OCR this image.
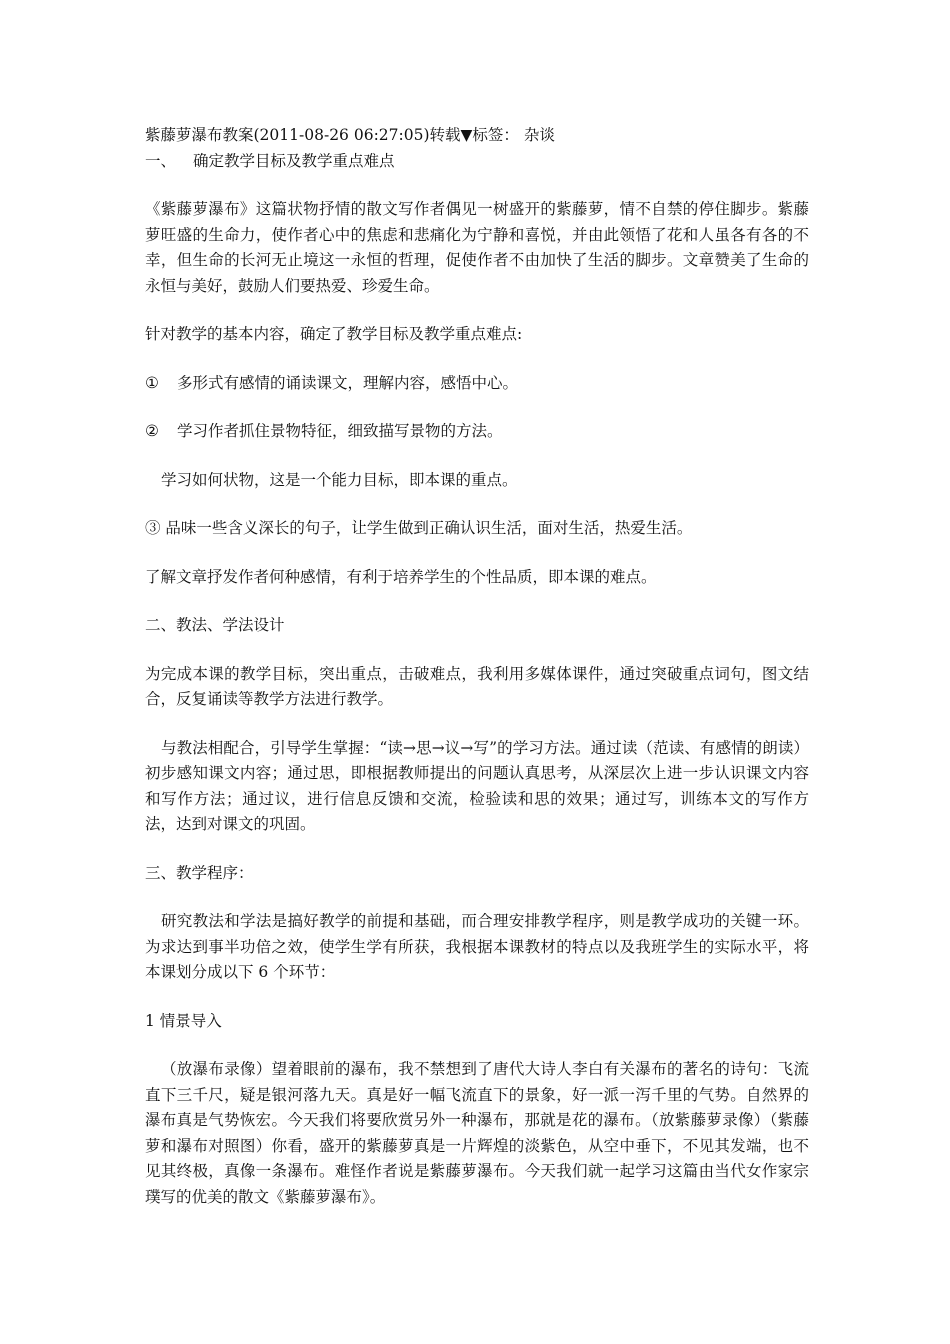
紫藤萝瀑布教案(2011-08-26 06:27:05)转载▼标签： 杂谈

一、 确定教学目标及教学重点难点

《紫藤萝瀑布》这篇状物抒情的散文写作者偶见一树盛开的紫藤萝，情不自禁的停住脚步。紫藤萝旺盛的生命力，使作者心中的焦虑和悲痛化为宁静和喜悦，并由此领悟了花和人虽各有各的不幸，但生命的长河无止境这一永恒的哲理，促使作者不由加快了生活的脚步。文章赞美了生命的永恒与美好，鼓励人们要热爱、珍爱生命。

针对教学的基本内容，确定了教学目标及教学重点难点:

① 多形式有感情的诵读课文，理解内容，感悟中心。

② 学习作者抓住景物特征，细致描写景物的方法。

学习如何状物，这是一个能力目标，即本课的重点。

③ 品味一些含义深长的句子，让学生做到正确认识生活，面对生活，热爱生活。

了解文章抒发作者何种感情，有利于培养学生的个性品质，即本课的难点。

二、教法、学法设计

为完成本课的教学目标，突出重点，击破难点，我利用多媒体课件，通过突破重点词句，图文结合，反复诵读等教学方法进行教学。

与教法相配合，引导学生掌握：“读→思→议→写”的学习方法。通过读（范读、有感情的朗读）初步感知课文内容；通过思，即根据教师提出的问题认真思考，从深层次上进一步认识课文内容和写作方法；通过议，进行信息反馈和交流，检验读和思的效果；通过写，训练本文的写作方法，达到对课文的巩固。

三、教学程序：

研究教法和学法是搞好教学的前提和基础，而合理安排教学程序，则是教学成功的关键一环。为求达到事半功倍之效，使学生学有所获，我根据本课教材的特点以及我班学生的实际水平，将本课划分成以下 6 个环节：

1 情景导入

（放瀑布录像）望着眼前的瀑布，我不禁想到了唐代大诗人李白有关瀑布的著名的诗句：飞流直下三千尺，疑是银河落九天。真是好一幅飞流直下的景象，好一派一泻千里的气势。自然界的瀑布真是气势恢宏。今天我们将要欣赏另外一种瀑布，那就是花的瀑布。（放紫藤萝录像）（紫藤萝和瀑布对照图）你看，盛开的紫藤萝真是一片辉煌的淡紫色，从空中垂下，不见其发端，也不见其终极，真像一条瀑布。难怪作者说是紫藤萝瀑布。今天我们就一起学习这篇由当代女作家宗璞写的优美的散文《紫藤萝瀑布》。
